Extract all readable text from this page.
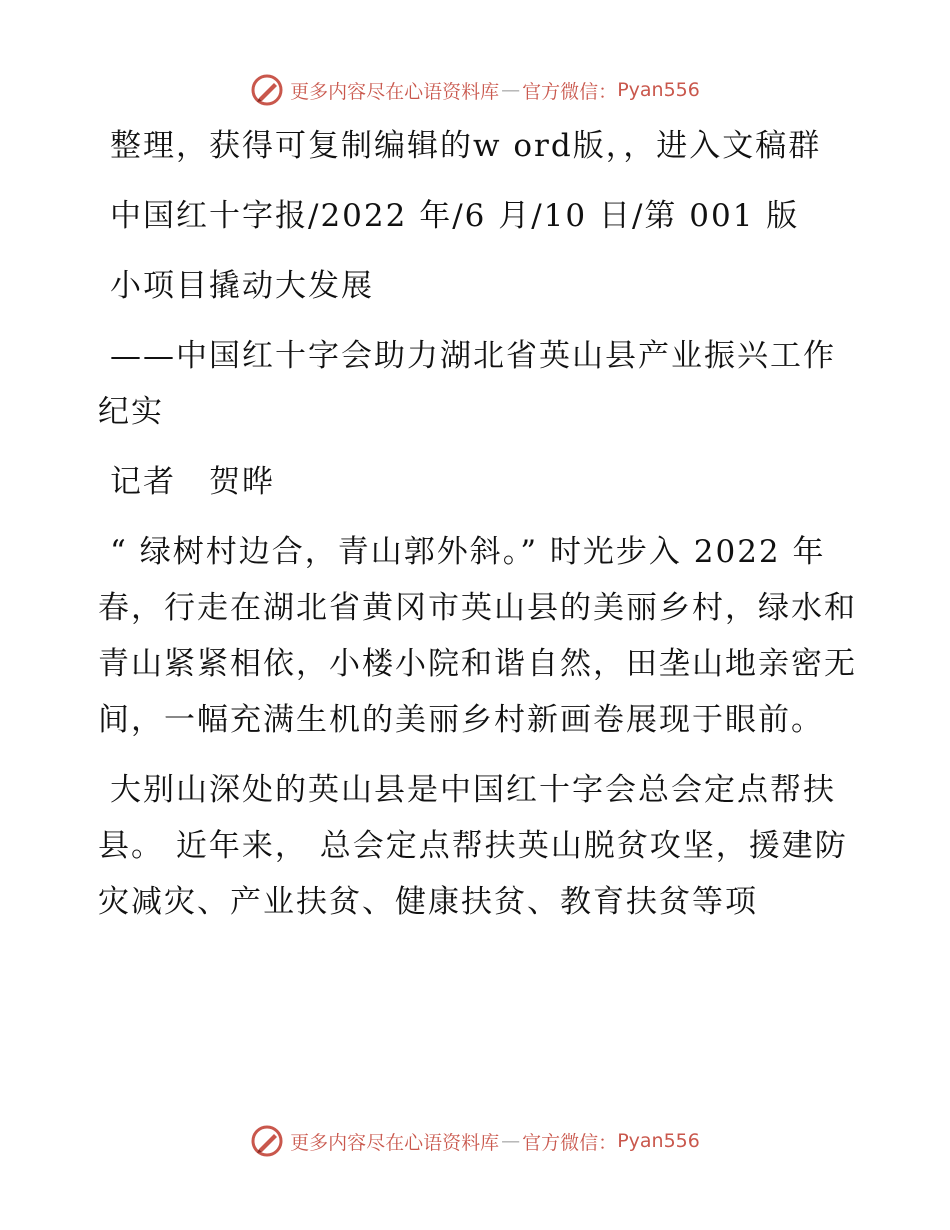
更多内容尽在心语资料库 — 官方微信： Pyan556

整理，获得可复制编辑的w ord版，，进入文稿群

中国红十字报/2022 年/6 月/10 日/第 001 版

小项目撬动大发展

——中国红十字会助力湖北省英山县产业振兴工作纪实

记者　贺晔

“ 绿树村边合，青山郭外斜。” 时光步入 2022 年春，行走在湖北省黄冈市英山县的美丽乡村，绿水和青山紧紧相依，小楼小院和谐自然，田垄山地亲密无间，一幅充满生机的美丽乡村新画卷展现于眼前。

大别山深处的英山县是中国红十字会总会定点帮扶县。 近年来， 总会定点帮扶英山脱贫攻坚，援建防灾减灾、产业扶贫、健康扶贫、教育扶贫等项

更多内容尽在心语资料库 — 官方微信： Pyan556
